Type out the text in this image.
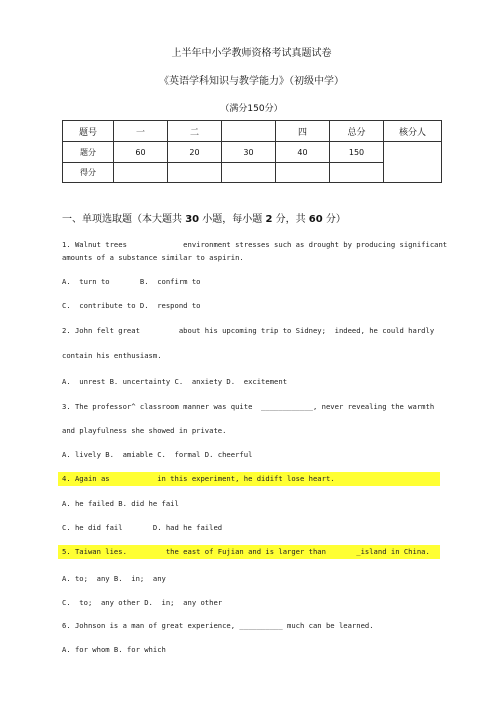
上半年中小学教师资格考试真题试卷
《英语学科知识与教学能力》（初级中学）
（满分150分）
题号	一	二		四	总分	核分人
题分	60	20	30	40	150	
得分						
一、单项选取题（本大题共 30 小题，每小题 2 分，共 60 分）
1. Walnut trees             environment stresses such as drought by producing significant
amounts of a substance similar to aspirin.
A.  turn to       B.  confirm to
C.  contribute to D.  respond to
2. John felt great         about his upcoming trip to Sidney;  indeed, he could hardly
contain his enthusiasm.
A.  unrest B. uncertainty C.  anxiety D.  excitement
3. The professor^ classroom manner was quite  ____________, never revealing the warmth
and playfulness she showed in private.
A. lively B.  amiable C.  formal D. cheerful
4. Again as           in this experiment, he didift lose heart.
A. he failed B. did he fail
C. he did fail       D. had he failed
5. Taiwan lies.         the east of Fujian and is larger than       _island in China.
A. to;  any B.  in;  any
C.  to;  any other D.  in;  any other
6. Johnson is a man of great experience, __________ much can be learned.
A. for whom B. for which
